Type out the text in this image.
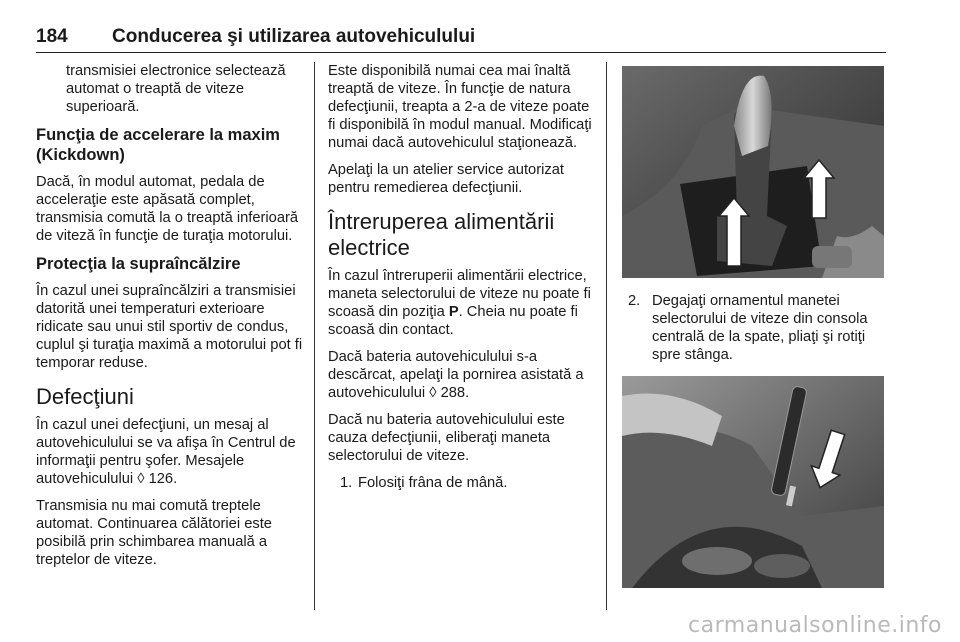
184 Conducerea şi utilizarea autovehiculului

transmisiei electronice selectează automat o treaptă de viteze superioară.

Funcţia de accelerare la maxim (Kickdown)

Dacă, în modul automat, pedala de acceleraţie este apăsată complet, transmisia comută la o treaptă inferioară de viteză în funcţie de turaţia motorului.

Protecţia la supraîncălzire

În cazul unei supraîncălziri a transmisiei datorită unei temperaturi exterioare ridicate sau unui stil sportiv de condus, cuplul şi turaţia maximă a motorului pot fi temporar reduse.

Defecţiuni

În cazul unei defecţiuni, un mesaj al autovehiculului se va afişa în Centrul de informaţii pentru şofer. Mesajele autovehiculului ◊ 126.

Transmisia nu mai comută treptele automat. Continuarea călătoriei este posibilă prin schimbarea manuală a treptelor de viteze.

Este disponibilă numai cea mai înaltă treaptă de viteze. În funcţie de natura defecţiunii, treapta a 2-a de viteze poate fi disponibilă în modul manual. Modificaţi numai dacă autovehiculul staţionează.

Apelaţi la un atelier service autorizat pentru remedierea defecţiunii.

Întreruperea alimentării electrice

În cazul întreruperii alimentării electrice, maneta selectorului de viteze nu poate fi scoasă din poziţia P. Cheia nu poate fi scoasă din contact.

Dacă bateria autovehiculului s-a descărcat, apelaţi la pornirea asistată a autovehiculului ◊ 288.

Dacă nu bateria autovehiculului este cauza defecţiunii, eliberaţi maneta selectorului de viteze.

1. Folosiţi frâna de mână.
2. Degajaţi ornamentul manetei selectorului de viteze din consola centrală de la spate, pliaţi şi rotiţi spre stânga.
carmanualsonline.info
